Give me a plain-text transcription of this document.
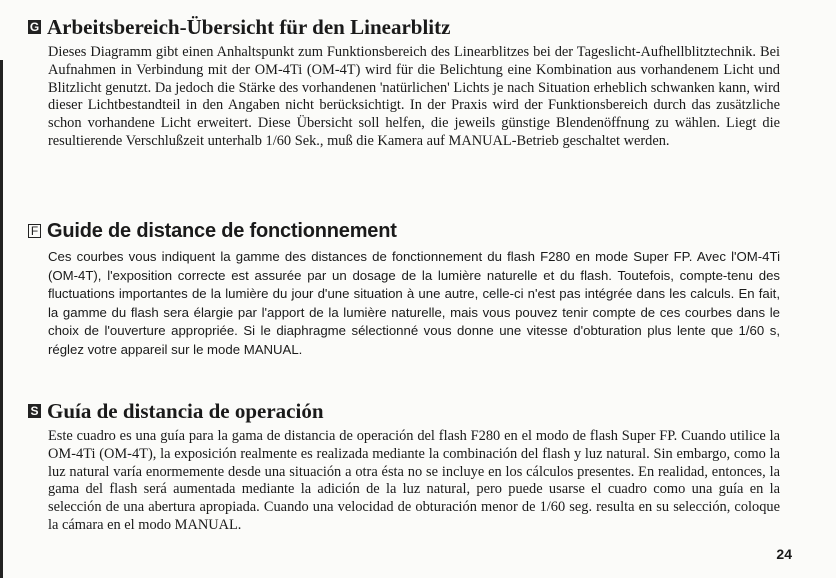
G Arbeitsbereich-Übersicht für den Linearblitz

Dieses Diagramm gibt einen Anhaltspunkt zum Funktionsbereich des Linearblitzes bei der Tageslicht-Aufhellblitztechnik. Bei Aufnahmen in Verbindung mit der OM-4Ti (OM-4T) wird für die Belichtung eine Kombination aus vorhandenem Licht und Blitzlicht genutzt. Da jedoch die Stärke des vorhandenen 'natürlichen' Lichts je nach Situation erheblich schwanken kann, wird dieser Lichtbestandteil in den Angaben nicht berücksichtigt. In der Praxis wird der Funktionsbereich durch das zusätzliche schon vorhandene Licht erweitert. Diese Übersicht soll helfen, die jeweils günstige Blendenöffnung zu wählen. Liegt die resultierende Verschlußzeit unterhalb 1/60 Sek., muß die Kamera auf MANUAL-Betrieb geschaltet werden.

F Guide de distance de fonctionnement

Ces courbes vous indiquent la gamme des distances de fonctionnement du flash F280 en mode Super FP. Avec l'OM-4Ti (OM-4T), l'exposition correcte est assurée par un dosage de la lumière naturelle et du flash. Toutefois, compte-tenu des fluctuations importantes de la lumière du jour d'une situation à une autre, celle-ci n'est pas intégrée dans les calculs. En fait, la gamme du flash sera élargie par l'apport de la lumière naturelle, mais vous pouvez tenir compte de ces courbes dans le choix de l'ouverture appropriée. Si le diaphragme sélectionné vous donne une vitesse d'obturation plus lente que 1/60 s, réglez votre appareil sur le mode MANUAL.

S Guía de distancia de operación

Este cuadro es una guía para la gama de distancia de operación del flash F280 en el modo de flash Super FP. Cuando utilice la OM-4Ti (OM-4T), la exposición realmente es realizada mediante la combinación del flash y luz natural. Sin embargo, como la luz natural varía enormemente desde una situación a otra ésta no se incluye en los cálculos presentes. En realidad, entonces, la gama del flash será aumentada mediante la adición de la luz natural, pero puede usarse el cuadro como una guía en la selección de una abertura apropiada. Cuando una velocidad de obturación menor de 1/60 seg. resulta en su selección, coloque la cámara en el modo MANUAL.

24
